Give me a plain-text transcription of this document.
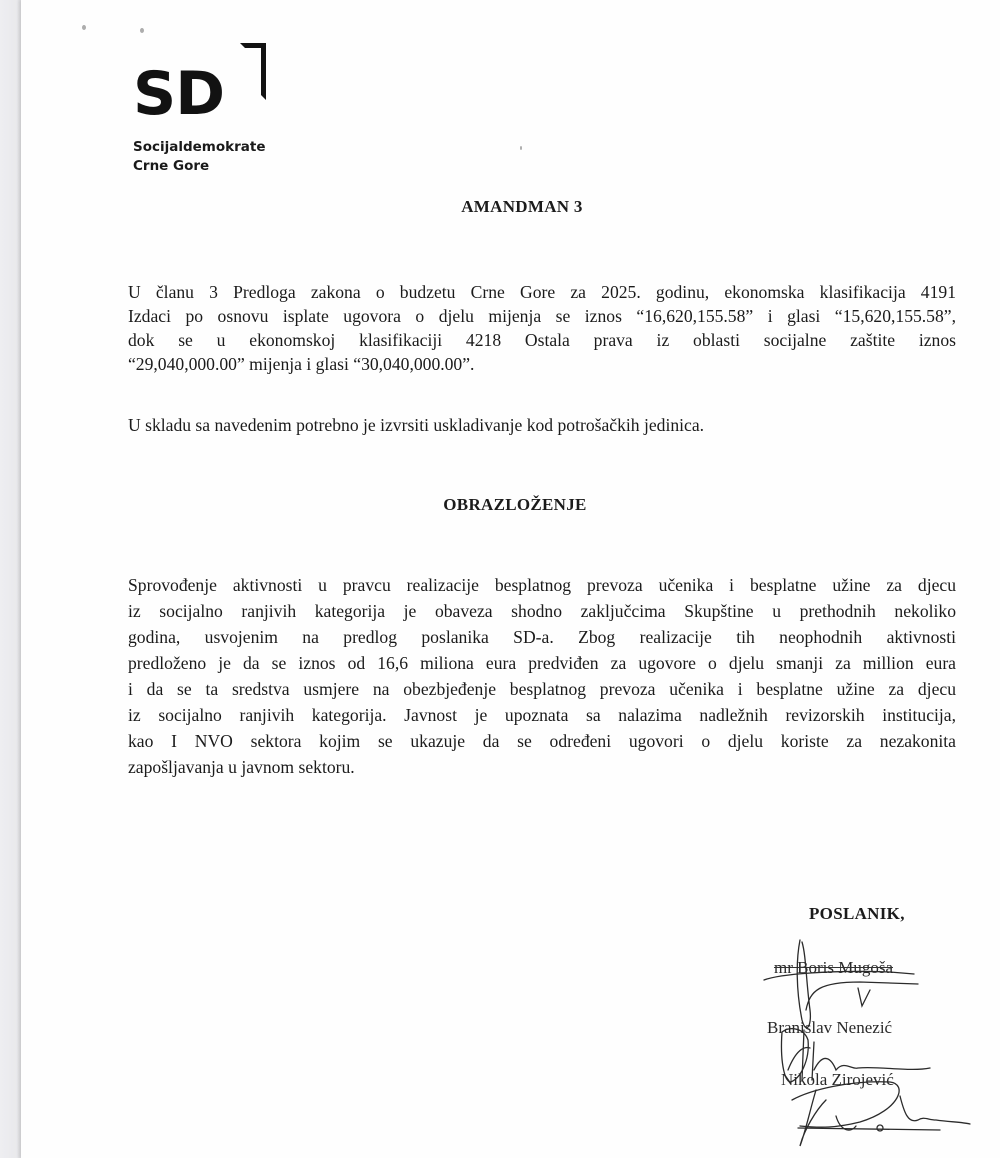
SD
Socijaldemokrate
Crne Gore
AMANDMAN 3
U članu 3 Predloga zakona o budzetu Crne Gore za 2025. godinu, ekonomska klasifikacija 4191
Izdaci po osnovu isplate ugovora o djelu mijenja se iznos “16,620,155.58” i glasi “15,620,155.58”,
dok se u ekonomskoj klasifikaciji 4218 Ostala prava iz oblasti socijalne zaštite iznos
“29,040,000.00” mijenja i glasi “30,040,000.00”.
U skladu sa navedenim potrebno je izvrsiti uskladivanje kod potrošačkih jedinica.
OBRAZLOŽENJE
Sprovođenje aktivnosti u pravcu realizacije besplatnog prevoza učenika i besplatne užine za djecu
iz socijalno ranjivih kategorija je obaveza shodno zaključcima Skupštine u prethodnih nekoliko
godina, usvojenim na predlog poslanika SD-a. Zbog realizacije tih neophodnih aktivnosti
predloženo je da se iznos od 16,6 miliona eura predviđen za ugovore o djelu smanji za million eura
i da se ta sredstva usmjere na obezbjeđenje besplatnog prevoza učenika i besplatne užine za djecu
iz socijalno ranjivih kategorija. Javnost je upoznata sa nalazima nadležnih revizorskih institucija,
kao I NVO sektora kojim se ukazuje da se određeni ugovori o djelu koriste za nezakonita
zapošljavanja u javnom sektoru.
POSLANIK,
mr Boris Mugoša
Branislav Nenezić
Nikola Zirojević
